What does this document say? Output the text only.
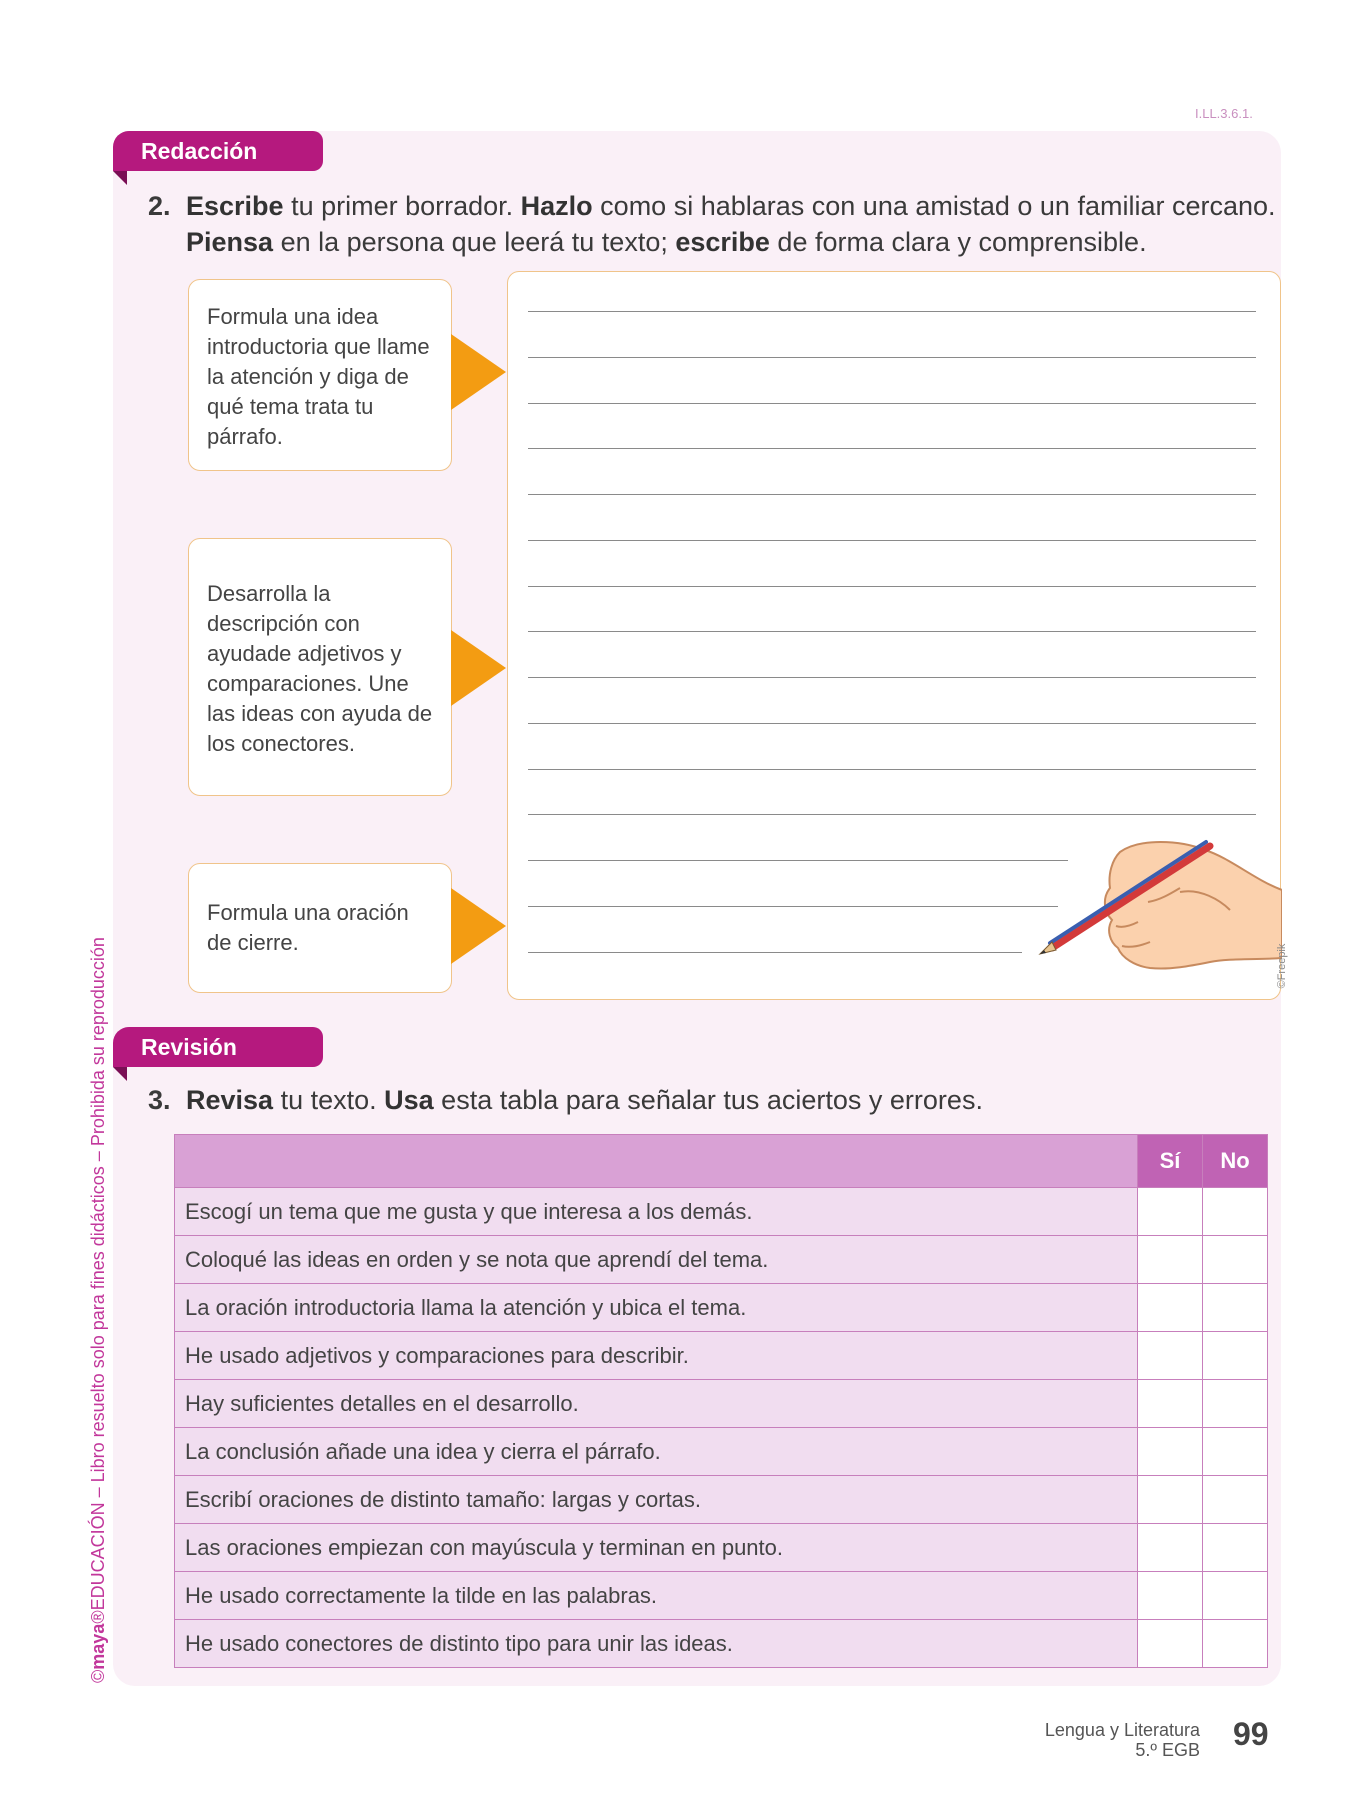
I.LL.3.6.1.
©maya®EDUCACIÓN – Libro resuelto solo para fines didácticos – Prohibida su reproducción
Redacción
2. Escribe tu primer borrador. Hazlo como si hablaras con una amistad o un familiar cercano.
Piensa en la persona que leerá tu texto; escribe de forma clara y comprensible.
Formula una idea introductoria que llame la atención y diga de qué tema trata tu párrafo.
Desarrolla la descripción con ayudade adjetivos y comparaciones. Une las ideas con ayuda de los conectores.
Formula una oración de cierre.
©Freepik
Revisión
3. Revisa tu texto. Usa esta tabla para señalar tus aciertos y errores.
	Sí	No
Escogí un tema que me gusta y que interesa a los demás.		
Coloqué las ideas en orden y se nota que aprendí del tema.		
La oración introductoria llama la atención y ubica el tema.		
He usado adjetivos y comparaciones para describir.		
Hay suficientes detalles en el desarrollo.		
La conclusión añade una idea y cierra el párrafo.		
Escribí oraciones de distinto tamaño: largas y cortas.		
Las oraciones empiezan con mayúscula y terminan en punto.		
He usado correctamente la tilde en las palabras.		
He usado conectores de distinto tipo para unir las ideas.		
Lengua y Literatura
5.º EGB 99
